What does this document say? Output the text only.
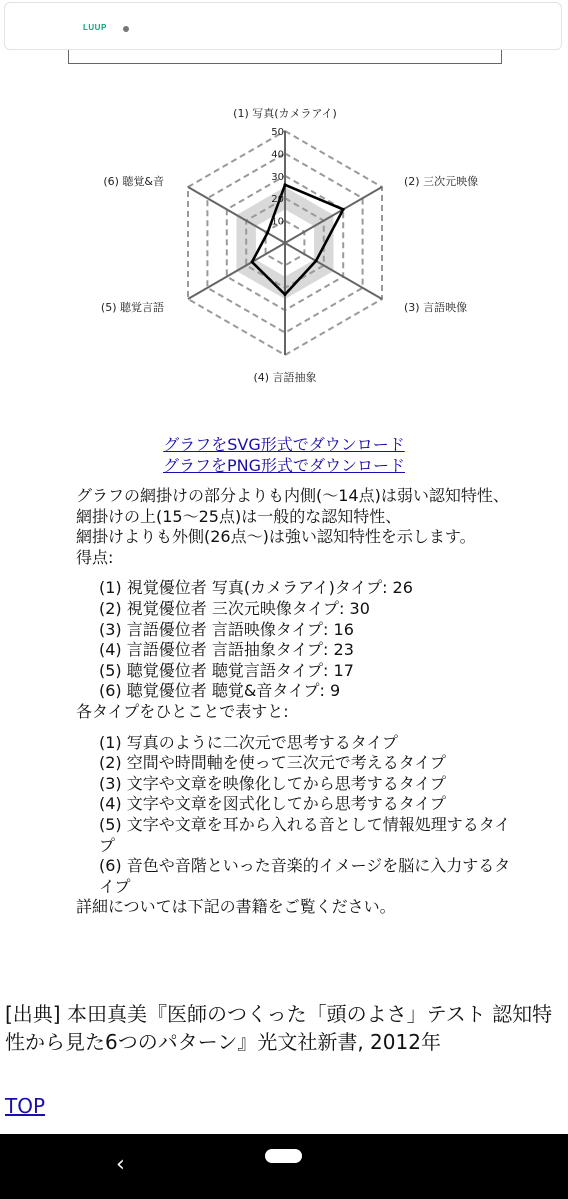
LUUP
10
20
30
40
50
(1) 写真(カメラアイ)
(2) 三次元映像
(3) 言語映像
(4) 言語抽象
(5) 聴覚言語
(6) 聴覚&音
グラフをSVG形式でダウンロード
グラフをPNG形式でダウンロード

グラフの網掛けの部分よりも内側(〜14点)は弱い認知特性、

網掛けの上(15〜25点)は一般的な認知特性、

網掛けよりも外側(26点〜)は強い認知特性を示します。

得点:

(1) 視覚優位者 写真(カメラアイ)タイプ: 26
(2) 視覚優位者 三次元映像タイプ: 30
(3) 言語優位者 言語映像タイプ: 16
(4) 言語優位者 言語抽象タイプ: 23
(5) 聴覚優位者 聴覚言語タイプ: 17
(6) 聴覚優位者 聴覚&音タイプ: 9

各タイプをひとことで表すと:

(1) 写真のように二次元で思考するタイプ
(2) 空間や時間軸を使って三次元で考えるタイプ
(3) 文字や文章を映像化してから思考するタイプ
(4) 文字や文章を図式化してから思考するタイプ
(5) 文字や文章を耳から入れる音として情報処理するタイプ
(6) 音色や音階といった音楽的イメージを脳に入力するタイプ

詳細については下記の書籍をご覧ください。

[出典] 本田真美『医師のつくった「頭のよさ」テスト 認知特性から見た6つのパターン』光文社新書, 2012年

TOP
‹
